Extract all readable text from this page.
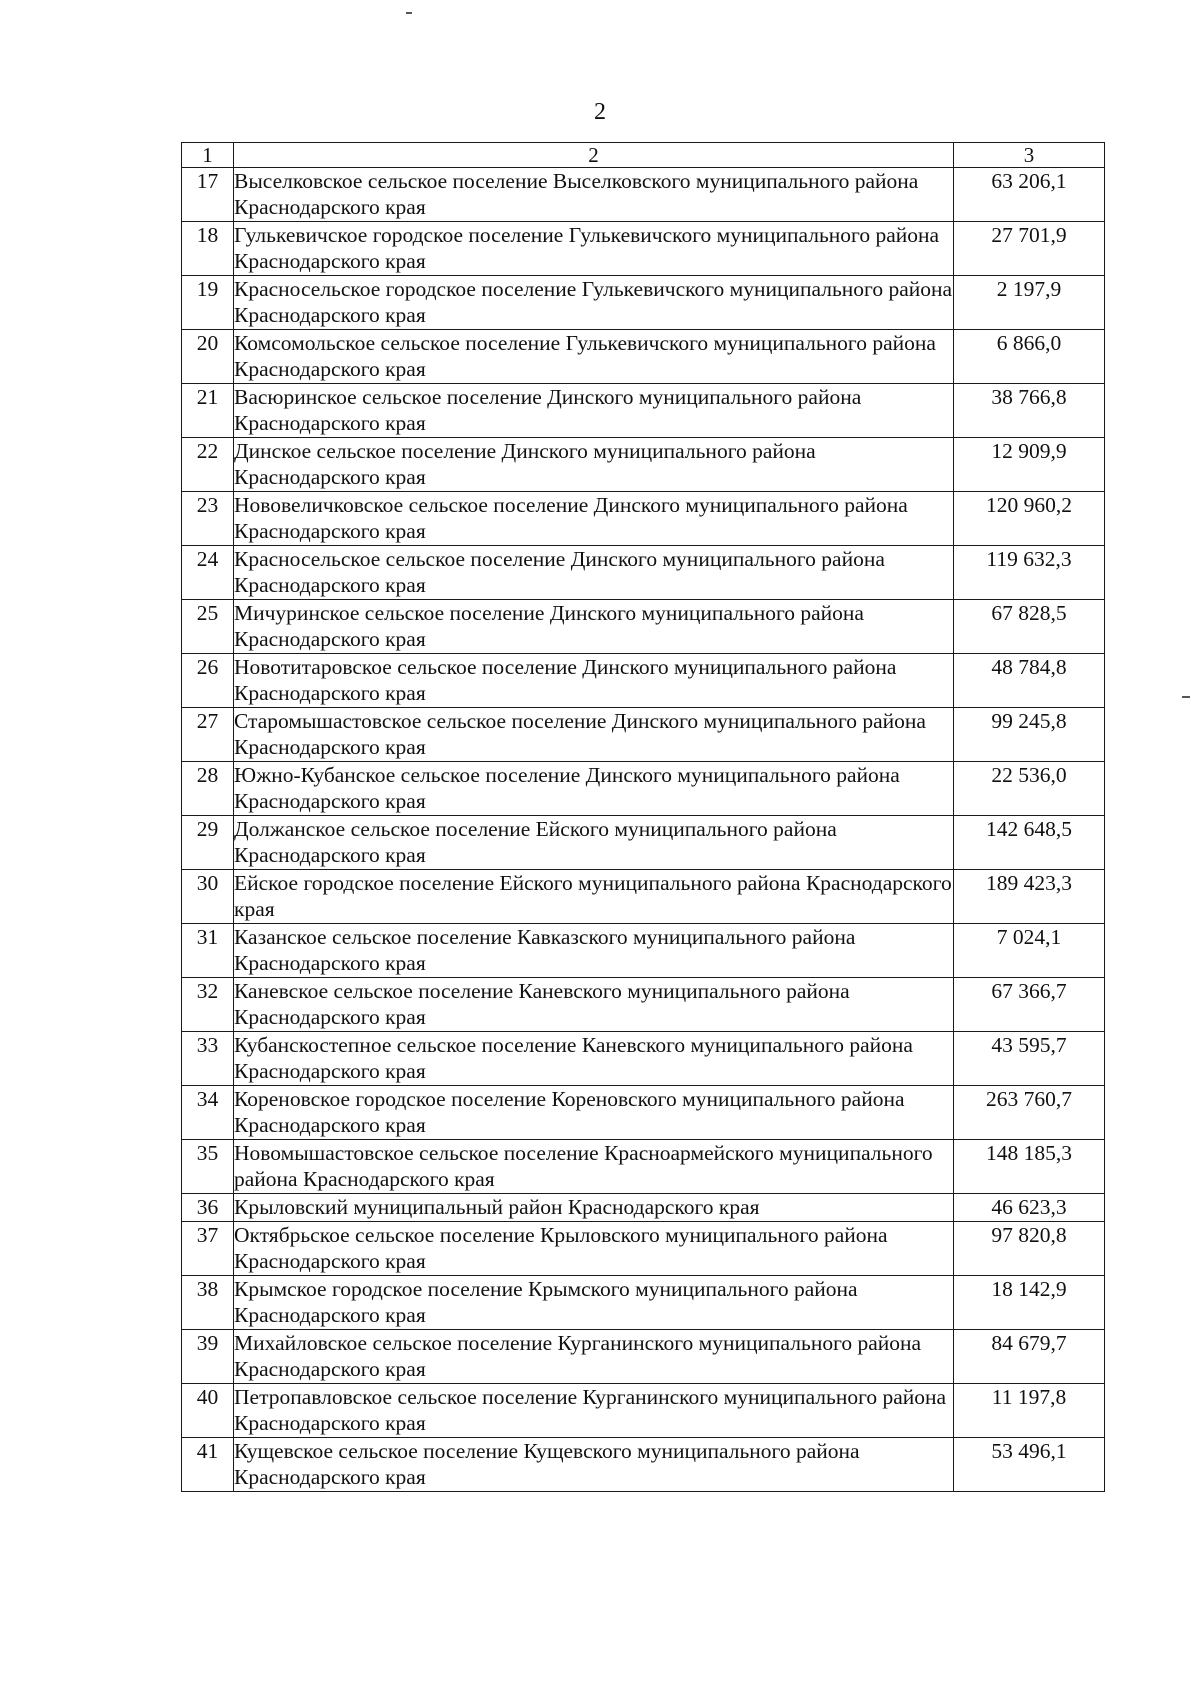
2
1	2	3
17	Выселковское сельское поселение Выселковского муниципального района Краснодарского края	63 206,1
18	Гулькевичское городское поселение Гулькевичского муниципального района Краснодарского края	27 701,9
19	Красносельское городское поселение Гулькевичского муниципального района Краснодарского края	2 197,9
20	Комсомольское сельское поселение Гулькевичского муниципального района Краснодарского края	6 866,0
21	Васюринское сельское поселение Динского муниципального района Краснодарского края	38 766,8
22	Динское сельское поселение Динского муниципального района Краснодарского края	12 909,9
23	Нововеличковское сельское поселение Динского муниципального района Краснодарского края	120 960,2
24	Красносельское сельское поселение Динского муниципального района Краснодарского края	119 632,3
25	Мичуринское сельское поселение Динского муниципального района Краснодарского края	67 828,5
26	Новотитаровское сельское поселение Динского муниципального района Краснодарского края	48 784,8
27	Старомышастовское сельское поселение Динского муниципального района Краснодарского края	99 245,8
28	Южно-Кубанское сельское поселение Динского муниципального района Краснодарского края	22 536,0
29	Должанское сельское поселение Ейского муниципального района Краснодарского края	142 648,5
30	Ейское городское поселение Ейского муниципального района Краснодарского края	189 423,3
31	Казанское сельское поселение Кавказского муниципального района Краснодарского края	7 024,1
32	Каневское сельское поселение Каневского муниципального района Краснодарского края	67 366,7
33	Кубанскостепное сельское поселение Каневского муниципального района Краснодарского края	43 595,7
34	Кореновское городское поселение Кореновского муниципального района Краснодарского края	263 760,7
35	Новомышастовское сельское поселение Красноармейского муниципального района Краснодарского края	148 185,3
36	Крыловский муниципальный район Краснодарского края	46 623,3
37	Октябрьское сельское поселение Крыловского муниципального района Краснодарского края	97 820,8
38	Крымское городское поселение Крымского муниципального района Краснодарского края	18 142,9
39	Михайловское сельское поселение Курганинского муниципального района Краснодарского края	84 679,7
40	Петропавловское сельское поселение Курганинского муниципального района Краснодарского края	11 197,8
41	Кущевское сельское поселение Кущевского муниципального района Краснодарского края	53 496,1
